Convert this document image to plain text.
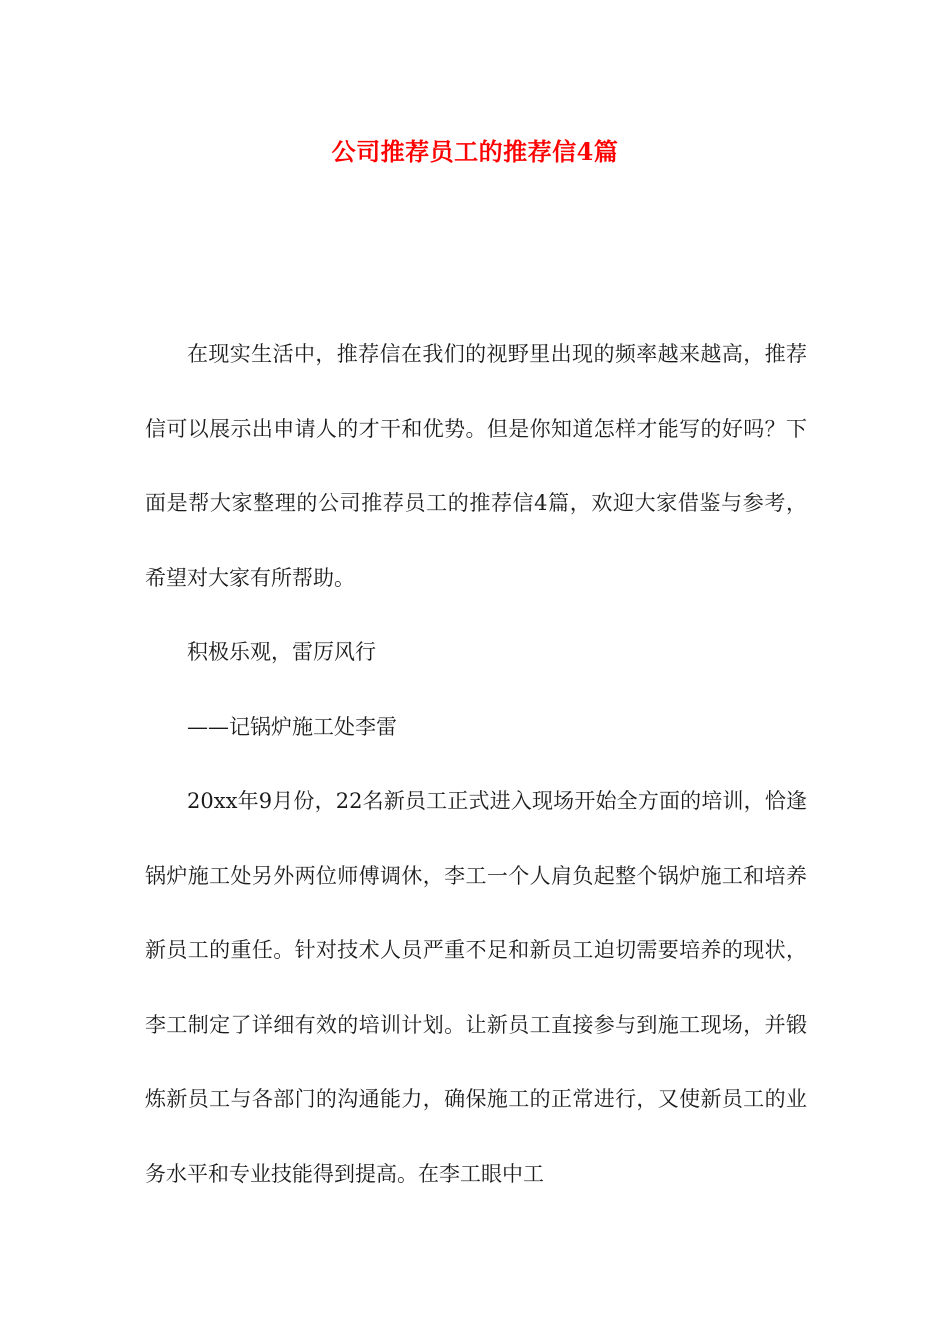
公司推荐员工的推荐信4篇

在现实生活中，推荐信在我们的视野里出现的频率越来越高，推荐信可以展示出申请人的才干和优势。但是你知道怎样才能写的好吗？下面是帮大家整理的公司推荐员工的推荐信4篇，欢迎大家借鉴与参考，希望对大家有所帮助。

积极乐观，雷厉风行

——记锅炉施工处李雷

20xx年9月份，22名新员工正式进入现场开始全方面的培训，恰逢锅炉施工处另外两位师傅调休，李工一个人肩负起整个锅炉施工和培养新员工的重任。针对技术人员严重不足和新员工迫切需要培养的现状，李工制定了详细有效的培训计划。让新员工直接参与到施工现场，并锻炼新员工与各部门的沟通能力，确保施工的正常进行，又使新员工的业务水平和专业技能得到提高。在李工眼中工
